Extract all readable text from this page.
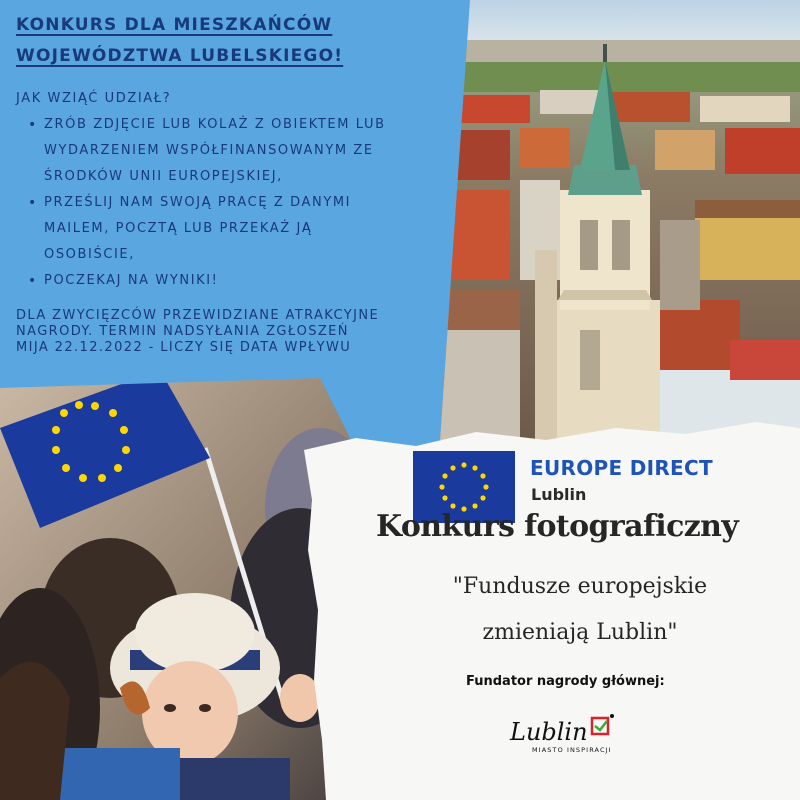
KONKURS DLA MIESZKAŃCÓW
WOJEWÓDZTWA LUBELSKIEGO!
JAK WZIĄĆ UDZIAŁ?
• ZRÓB ZDJĘCIE LUB KOLAŻ Z OBIEKTEM LUB
WYDARZENIEM WSPÓŁFINANSOWANYM ZE
ŚRODKÓW UNII EUROPEJSKIEJ,
• PRZEŚLIJ NAM SWOJĄ PRACĘ Z DANYMI
MAILEM, POCZTĄ LUB PRZEKAŻ JĄ
OSOBIŚCIE,
• POCZEKAJ NA WYNIKI!
DLA ZWYCIĘZCÓW PRZEWIDZIANE ATRAKCYJNE
NAGRODY. TERMIN NADSYŁANIA ZGŁOSZEŃ
MIJA 22.12.2022 - LICZY SIĘ DATA WPŁYWU
EUROPE DIRECT
Lublin
Konkurs fotograficzny
"Fundusze europejskie
zmieniają Lublin"
Fundator nagrody głównej:
Lublin
MIASTO INSPIRACJI
